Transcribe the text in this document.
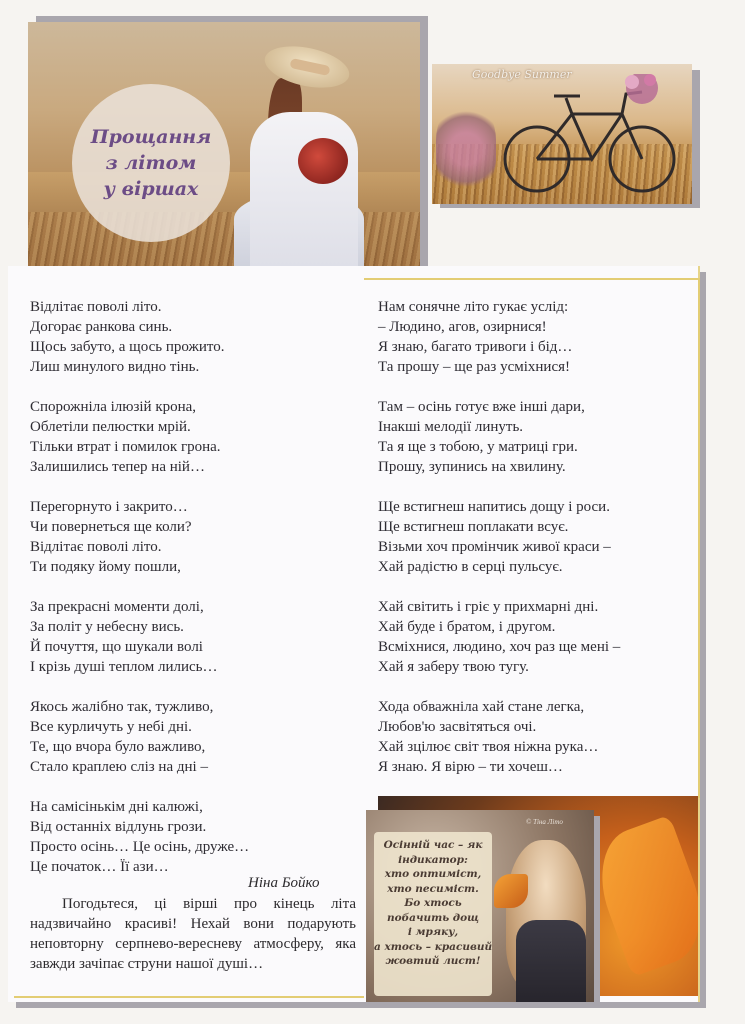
Прощання
з літом
у віршах
Goodbye Summer
Відлітає поволі літо.
Догорає ранкова синь.
Щось забуто, а щось прожито.
Лиш минулого видно тінь.
Спорожніла ілюзій крона,
Облетіли пелюстки мрій.
Тільки втрат і помилок грона.
Залишились тепер на ній…
Перегорнуто і закрито…
Чи повернеться ще коли?
Відлітає поволі літо.
Ти подяку йому пошли,
За прекрасні моменти долі,
За політ у небесну вись.
Й почуття, що шукали волі
І крізь душі теплом лились…
Якось жалібно так, тужливо,
Все курличуть у небі дні.
Те, що вчора було важливо,
Стало краплею сліз на дні –
На самісінькім дні калюжі,
Від останніх відлунь грози.
Просто осінь… Це осінь, друже…
Це початок… Її ази…
Ніна Бойко
Погодьтеся, ці вірші про кінець літа надзвичайно красиві! Нехай вони подарують неповторну серпнево-вересневу атмосферу, яка завжди зачіпає струни нашої душі…
Нам сонячне літо гукає услід:
– Людино, агов, озирнися!
Я знаю, багато тривоги і бід…
Та прошу – ще раз усміхнися!
Там – осінь готує вже інші дари,
Інакші мелодії линуть.
Та я ще з тобою, у матриці гри.
Прошу, зупинись на хвилину.
Ще встигнеш напитись дощу і роси.
Ще встигнеш поплакати всує.
Візьми хоч промінчик живої краси –
Хай радістю в серці пульсує.
Хай світить і гріє у прихмарні дні.
Хай буде і братом, і другом.
Всміхнися, людино, хоч раз ще мені –
Хай я заберу твою тугу.
Хода обважніла хай стане легка,
Любов'ю засвітяться очі.
Хай зцілює світ твоя ніжна рука…
Я знаю. Я вірю – ти хочеш…
© Тіна Літо
Осінній час – як
індикатор:
хто оптиміст,
хто песиміст.
Бо хтось
побачить дощ
і мряку,
а хтось – красивий
жовтий лист!
